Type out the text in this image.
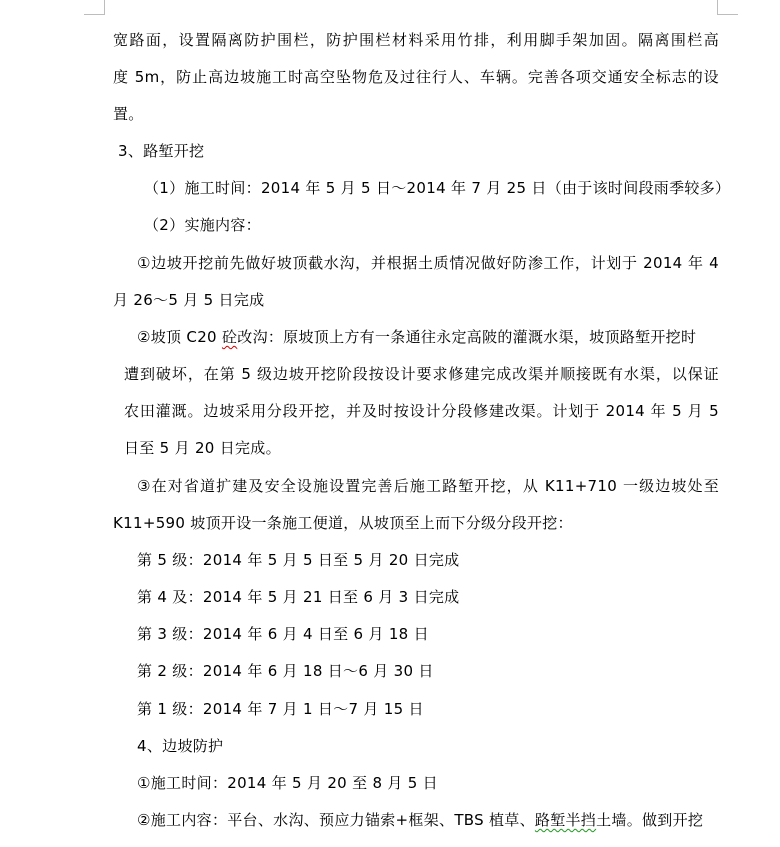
宽路面，设置隔离防护围栏，防护围栏材料采用竹排，利用脚手架加固。隔离围栏高
度 5m，防止高边坡施工时高空坠物危及过往行人、车辆。完善各项交通安全标志的设
置。
3、路堑开挖
（1）施工时间：2014 年 5 月 5 日～2014 年 7 月 25 日（由于该时间段雨季较多）
（2）实施内容：
①边坡开挖前先做好坡顶截水沟，并根据土质情况做好防渗工作，计划于 2014 年 4
月 26～5 月 5 日完成
②坡顶 C20 砼改沟：原坡顶上方有一条通往永定高陂的灌溉水渠，坡顶路堑开挖时
遭到破坏，在第 5 级边坡开挖阶段按设计要求修建完成改渠并顺接既有水渠，以保证
农田灌溉。边坡采用分段开挖，并及时按设计分段修建改渠。计划于 2014 年 5 月 5
日至 5 月 20 日完成。
③在对省道扩建及安全设施设置完善后施工路堑开挖，从 K11+710 一级边坡处至
K11+590 坡顶开设一条施工便道，从坡顶至上而下分级分段开挖：
第 5 级：2014 年 5 月 5 日至 5 月 20 日完成
第 4 及：2014 年 5 月 21 日至 6 月 3 日完成
第 3 级：2014 年 6 月 4 日至 6 月 18 日
第 2 级：2014 年 6 月 18 日～6 月 30 日
第 1 级：2014 年 7 月 1 日～7 月 15 日
4、边坡防护
①施工时间：2014 年 5 月 20 至 8 月 5 日
②施工内容：平台、水沟、预应力锚索+框架、TBS 植草、路堑半挡土墙。做到开挖
